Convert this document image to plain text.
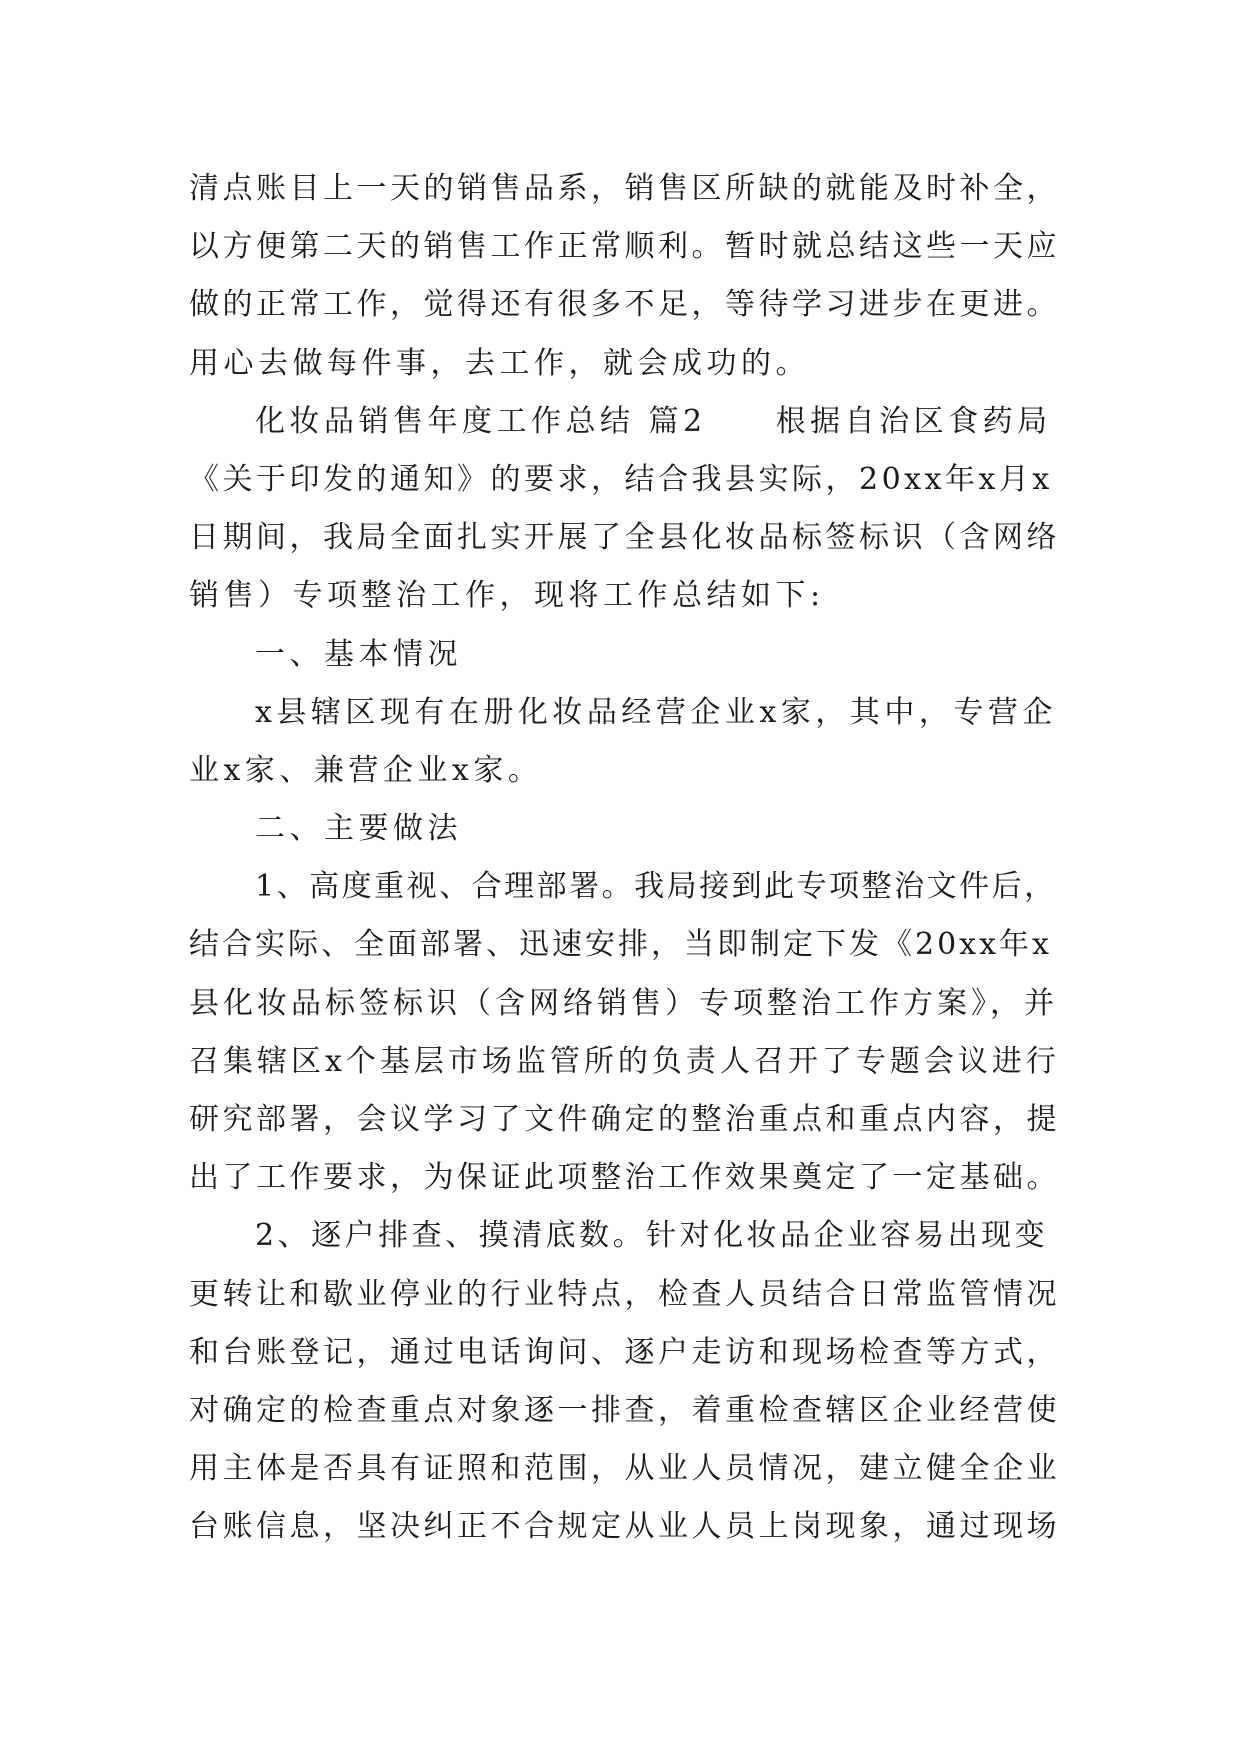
清点账目上一天的销售品系，销售区所缺的就能及时补全，
以方便第二天的销售工作正常顺利。暂时就总结这些一天应
做的正常工作，觉得还有很多不足，等待学习进步在更进。
用心去做每件事，去工作，就会成功的。
化妆品销售年度工作总结 篇2　　根据自治区食药局
《关于印发的通知》的要求，结合我县实际，20xx年x月x
日期间，我局全面扎实开展了全县化妆品标签标识（含网络
销售）专项整治工作，现将工作总结如下:
一、基本情况
x县辖区现有在册化妆品经营企业x家，其中，专营企
业x家、兼营企业x家。
二、主要做法
1、高度重视、合理部署。我局接到此专项整治文件后，
结合实际、全面部署、迅速安排，当即制定下发《20xx年x
县化妆品标签标识（含网络销售）专项整治工作方案》，并
召集辖区x个基层市场监管所的负责人召开了专题会议进行
研究部署，会议学习了文件确定的整治重点和重点内容，提
出了工作要求，为保证此项整治工作效果奠定了一定基础。
2、逐户排查、摸清底数。针对化妆品企业容易出现变
更转让和歇业停业的行业特点，检查人员结合日常监管情况
和台账登记，通过电话询问、逐户走访和现场检查等方式，
对确定的检查重点对象逐一排查，着重检查辖区企业经营使
用主体是否具有证照和范围，从业人员情况，建立健全企业
台账信息，坚决纠正不合规定从业人员上岗现象，通过现场
